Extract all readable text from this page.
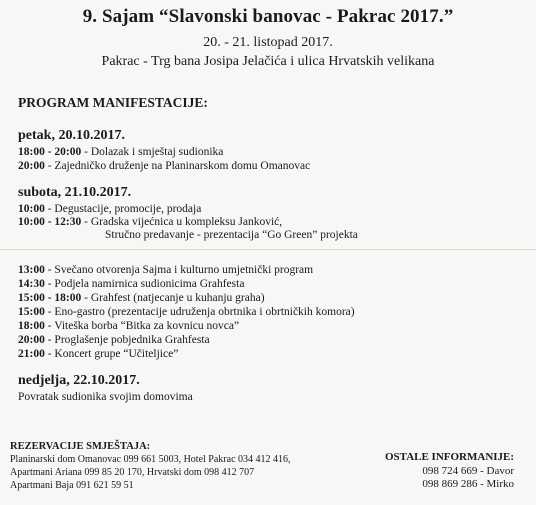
9. Sajam “Slavonski banovac - Pakrac 2017.”
20. - 21. listopad 2017.
Pakrac - Trg bana Josipa Jelačića i ulica Hrvatskih velikana
PROGRAM MANIFESTACIJE:
petak, 20.10.2017.
18:00 - 20:00 - Dolazak i smještaj sudionika
20:00 - Zajedničko druženje na Planinarskom domu Omanovac
subota, 21.10.2017.
10:00 - Degustacije, promocije, prodaja
10:00 - 12:30 - Gradska vijećnica u kompleksu Janković,
Stručno predavanje - prezentacija “Go Green” projekta
13:00 - Svečano otvorenja Sajma i kulturno umjetnički program
14:30 - Podjela namirnica sudionicima Grahfesta
15:00 - 18:00 - Grahfest (natjecanje u kuhanju graha)
15:00 - Eno-gastro (prezentacije udruženja obrtnika i obrtničkih komora)
18:00 - Viteška borba “Bitka za kovnicu novca”
20:00 - Proglašenje pobjednika Grahfesta
21:00 - Koncert grupe “Učiteljice”
nedjelja, 22.10.2017.
Povratak sudionika svojim domovima
REZERVACIJE SMJEŠTAJA:
Planinarski dom Omanovac 099 661 5003, Hotel Pakrac 034 412 416,
Apartmani Ariana 099 85 20 170, Hrvatski dom 098 412 707
Apartmani Baja 091 621 59 51
OSTALE INFORMANIJE:
098 724 669 - Davor
098 869 286 - Mirko
